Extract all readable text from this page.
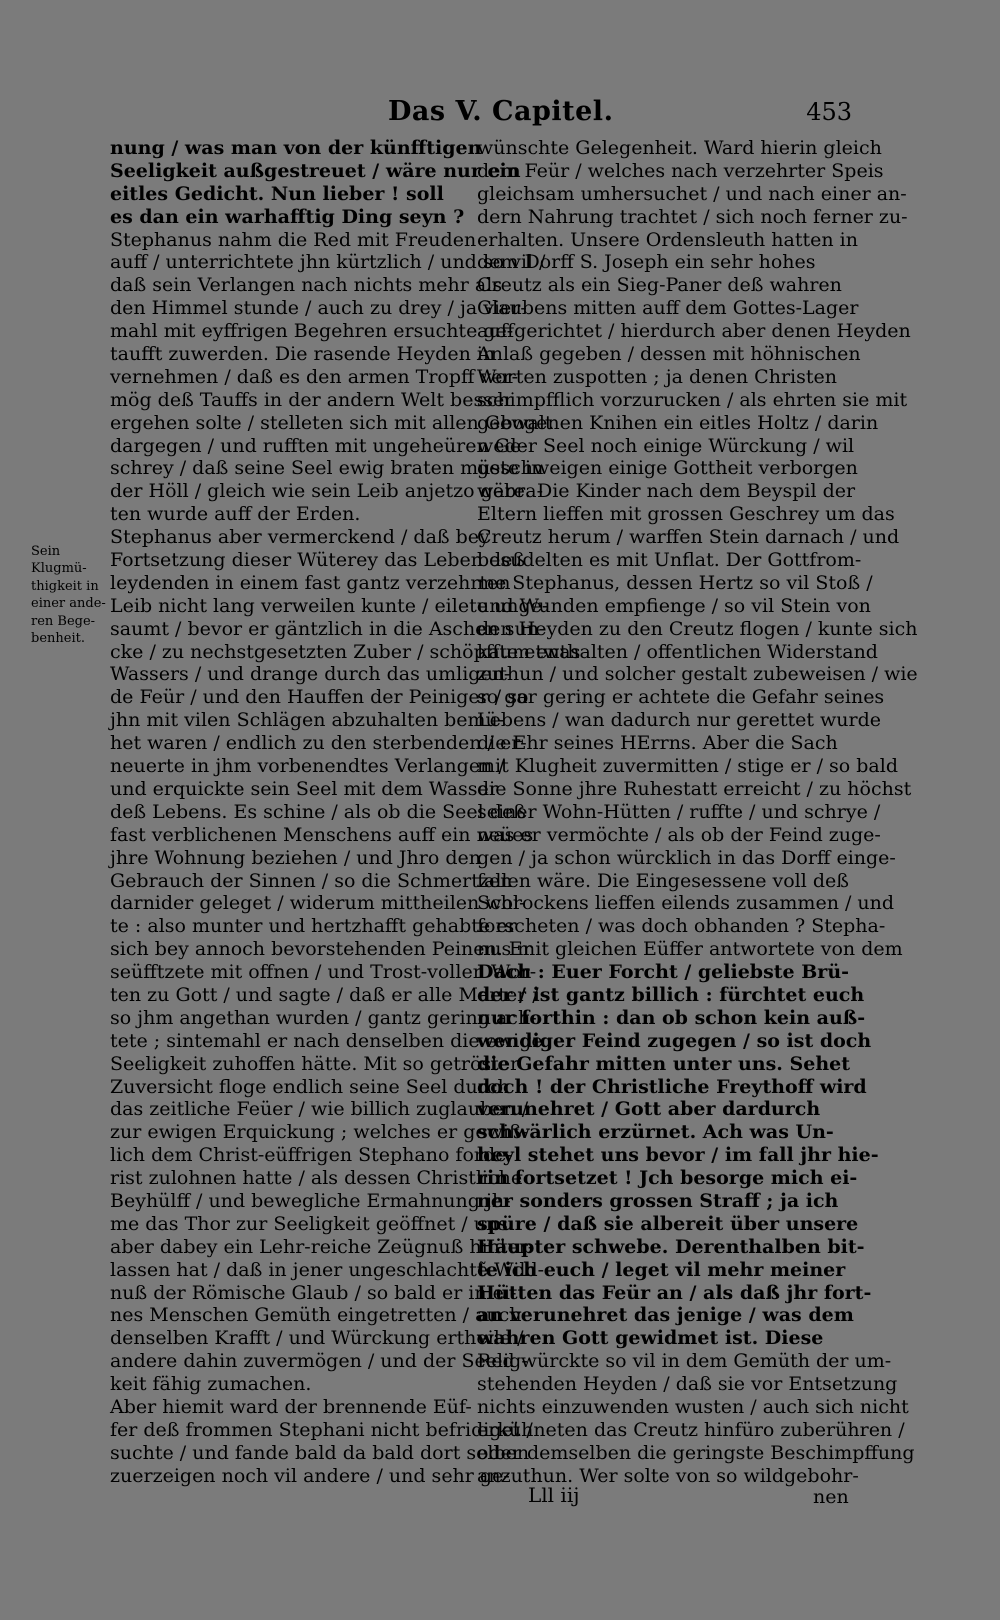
Das V. Capitel.	453
Sein
Klugmü-
thigkeit in
einer ande-
ren Bege-
benheit.
nung / was man von der künfftigen
Seeligkeit außgestreuet / wäre nur ein
eitles Gedicht. Nun lieber ! soll
es dan ein warhafftig Ding seyn ?
Stephanus nahm die Red mit Freuden
auff / unterrichtete jhn kürtzlich / und so vil /
daß sein Verlangen nach nichts mehr als
den Himmel stunde / auch zu drey / ja vier-
mahl mit eyffrigen Begehren ersuchte ge-
taufft zuwerden. Die rasende Heyden in
vernehmen / daß es den armen Tropff ver-
mög deß Tauffs in der andern Welt besser
ergehen solte / stelleten sich mit allen Gewalt
dargegen / und rufften mit ungeheüren Ge-
schrey / daß seine Seel ewig braten müste in
der Höll / gleich wie sein Leib anjetzo gebra-
ten wurde auff der Erden.
Stephanus aber vermerckend / daß bey
Fortsetzung dieser Wüterey das Leben deß
leydenden in einem fast gantz verzehrten
Leib nicht lang verweilen kunte / eilete unge-
saumt / bevor er gäntzlich in die Aschen sun-
cke / zu nechstgesetzten Zuber / schöpffte etwas
Wassers / und drange durch das umligen-
de Feür / und den Hauffen der Peiniger / so
jhn mit vilen Schlägen abzuhalten bemü-
het waren / endlich zu den sterbenden / er-
neuerte in jhm vorbenendtes Verlangen /
und erquickte sein Seel mit dem Wasser
deß Lebens. Es schine / als ob die Seel deß
fast verblichenen Menschens auff ein neües
jhre Wohnung beziehen / und Jhro den
Gebrauch der Sinnen / so die Schmertzen
darnider geleget / widerum mittheilen wol-
te : also munter und hertzhafft gehabte er
sich bey annoch bevorstehenden Peinen. Er
seüfftzete mit offnen / und Trost-vollen Wor-
ten zu Gott / und sagte / daß er alle Marter /
so jhm angethan wurden / gantz gering ach-
tete ; sintemahl er nach denselben die ewige
Seeligkeit zuhoffen hätte. Mit so getröster
Zuversicht floge endlich seine Seel durch
das zeitliche Feüer / wie billich zuglauben /
zur ewigen Erquickung ; welches er gewiß-
lich dem Christ-eüffrigen Stephano forde-
rist zulohnen hatte / als dessen Christliche
Beyhülff / und bewegliche Ermahnung jh-
me das Thor zur Seeligkeit geöffnet / uns
aber dabey ein Lehr-reiche Zeügnuß hinter-
lassen hat / daß in jener ungeschlachtẽ Wild-
nuß der Römische Glaub / so bald er in ei-
nes Menschen Gemüth eingetretten / auch
denselben Krafft / und Würckung ertheile /
andere dahin zuvermögen / und der Seelig-
keit fähig zumachen.
Aber hiemit ward der brennende Eüf-
fer deß frommen Stephani nicht befridiget /
suchte / und fande bald da bald dort selben
zuerzeigen noch vil andere / und sehr ge-
wünschte Gelegenheit. Ward hierin gleich
dem Feür / welches nach verzehrter Speis
gleichsam umhersuchet / und nach einer an-
dern Nahrung trachtet / sich noch ferner zu-
erhalten. Unsere Ordensleuth hatten in
dem Dorff S. Joseph ein sehr hohes
Creutz als ein Sieg-Paner deß wahren
Glaubens mitten auff dem Gottes-Lager
auffgerichtet / hierdurch aber denen Heyden
Anlaß gegeben / dessen mit höhnischen
Worten zuspotten ; ja denen Christen
schimpfflich vorzurucken / als ehrten sie mit
gebogenen Knihen ein eitles Holtz / darin
weder Seel noch einige Würckung / wil
geschweigen einige Gottheit verborgen
wäre. Die Kinder nach dem Beyspil der
Eltern lieffen mit grossen Geschrey um das
Creutz herum / warffen Stein darnach / und
besudelten es mit Unflat. Der Gottfrom-
me Stephanus, dessen Hertz so vil Stoß /
und Wunden empfienge / so vil Stein von
den Heyden zu den Creutz flogen / kunte sich
kaum enthalten / offentlichen Widerstand
zuthun / und solcher gestalt zubeweisen / wie
so gar gering er achtete die Gefahr seines
Lebens / wan dadurch nur gerettet wurde
die Ehr seines HErrns. Aber die Sach
mit Klugheit zuvermitten / stige er / so bald
die Sonne jhre Ruhestatt erreicht / zu höchst
seiner Wohn-Hütten / ruffte / und schrye /
was er vermöchte / als ob der Feind zuge-
gen / ja schon würcklich in das Dorff einge-
fallen wäre. Die Eingesessene voll deß
Schrockens lieffen eilends zusammen / und
forscheten / was doch obhanden ? Stepha-
nus mit gleichen Eüffer antwortete von dem
Dach : Euer Forcht / geliebste Brü-
der / ist gantz billich : fürchtet euch
nur forthin : dan ob schon kein auß-
wendiger Feind zugegen / so ist doch
die Gefahr mitten unter uns. Sehet
doch ! der Christliche Freythoff wird
verunehret / Gott aber dardurch
schwärlich erzürnet. Ach was Un-
heyl stehet uns bevor / im fall jhr hie-
rin fortsetzet ! Jch besorge mich ei-
ner sonders grossen Straff ; ja ich
spüre / daß sie albereit über unsere
Häupter schwebe. Derenthalben bit-
te ich euch / leget vil mehr meiner
Hütten das Feür an / als daß jhr fort-
an verunehret das jenige / was dem
wahren Gott gewidmet ist. Diese
Red würckte so vil in dem Gemüth der um-
stehenden Heyden / daß sie vor Entsetzung
nichts einzuwenden wusten / auch sich nicht
erkühneten das Creutz hinfüro zuberühren /
oder demselben die geringste Beschimpffung
anzuthun. Wer solte von so wildgebohr-
Lll iij	nen
